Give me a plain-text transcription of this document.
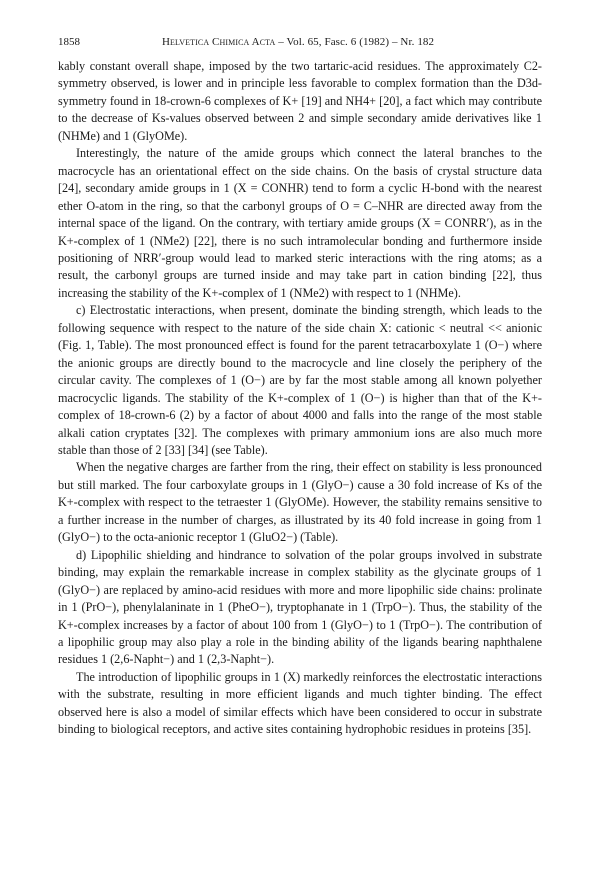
1858	Helvetica Chimica Acta – Vol. 65, Fasc. 6 (1982) – Nr. 182

kably constant overall shape, imposed by the two tartaric-acid residues. The approximately C2-symmetry observed, is lower and in principle less favorable to complex formation than the D3d-symmetry found in 18-crown-6 complexes of K+ [19] and NH4+ [20], a fact which may contribute to the decrease of Ks-values observed between 2 and simple secondary amide derivatives like 1 (NHMe) and 1 (GlyOMe).

Interestingly, the nature of the amide groups which connect the lateral branches to the macrocycle has an orientational effect on the side chains. On the basis of crystal structure data [24], secondary amide groups in 1 (X = CONHR) tend to form a cyclic H-bond with the nearest ether O-atom in the ring, so that the carbonyl groups of O = C–NHR are directed away from the internal space of the ligand. On the contrary, with tertiary amide groups (X = CONRR′), as in the K+-complex of 1 (NMe2) [22], there is no such intramolecular bonding and furthermore inside positioning of NRR′-group would lead to marked steric interactions with the ring atoms; as a result, the carbonyl groups are turned inside and may take part in cation binding [22], thus increasing the stability of the K+-complex of 1 (NMe2) with respect to 1 (NHMe).

c) Electrostatic interactions, when present, dominate the binding strength, which leads to the following sequence with respect to the nature of the side chain X: cationic < neutral << anionic (Fig. 1, Table). The most pronounced effect is found for the parent tetracarboxylate 1 (O−) where the anionic groups are directly bound to the macrocycle and line closely the periphery of the circular cavity. The complexes of 1 (O−) are by far the most stable among all known polyether macrocyclic ligands. The stability of the K+-complex of 1 (O−) is higher than that of the K+-complex of 18-crown-6 (2) by a factor of about 4000 and falls into the range of the most stable alkali cation cryptates [32]. The complexes with primary ammonium ions are also much more stable than those of 2 [33] [34] (see Table).

When the negative charges are farther from the ring, their effect on stability is less pronounced but still marked. The four carboxylate groups in 1 (GlyO−) cause a 30 fold increase of Ks of the K+-complex with respect to the tetraester 1 (GlyOMe). However, the stability remains sensitive to a further increase in the number of charges, as illustrated by its 40 fold increase in going from 1 (GlyO−) to the octa-anionic receptor 1 (GluO2−) (Table).

d) Lipophilic shielding and hindrance to solvation of the polar groups involved in substrate binding, may explain the remarkable increase in complex stability as the glycinate groups of 1 (GlyO−) are replaced by amino-acid residues with more and more lipophilic side chains: prolinate in 1 (PrO−), phenylalaninate in 1 (PheO−), tryptophanate in 1 (TrpO−). Thus, the stability of the K+-complex increases by a factor of about 100 from 1 (GlyO−) to 1 (TrpO−). The contribution of a lipophilic group may also play a role in the binding ability of the ligands bearing naphthalene residues 1 (2,6-Napht−) and 1 (2,3-Napht−).

The introduction of lipophilic groups in 1 (X) markedly reinforces the electrostatic interactions with the substrate, resulting in more efficient ligands and much tighter binding. The effect observed here is also a model of similar effects which have been considered to occur in substrate binding to biological receptors, and active sites containing hydrophobic residues in proteins [35].
